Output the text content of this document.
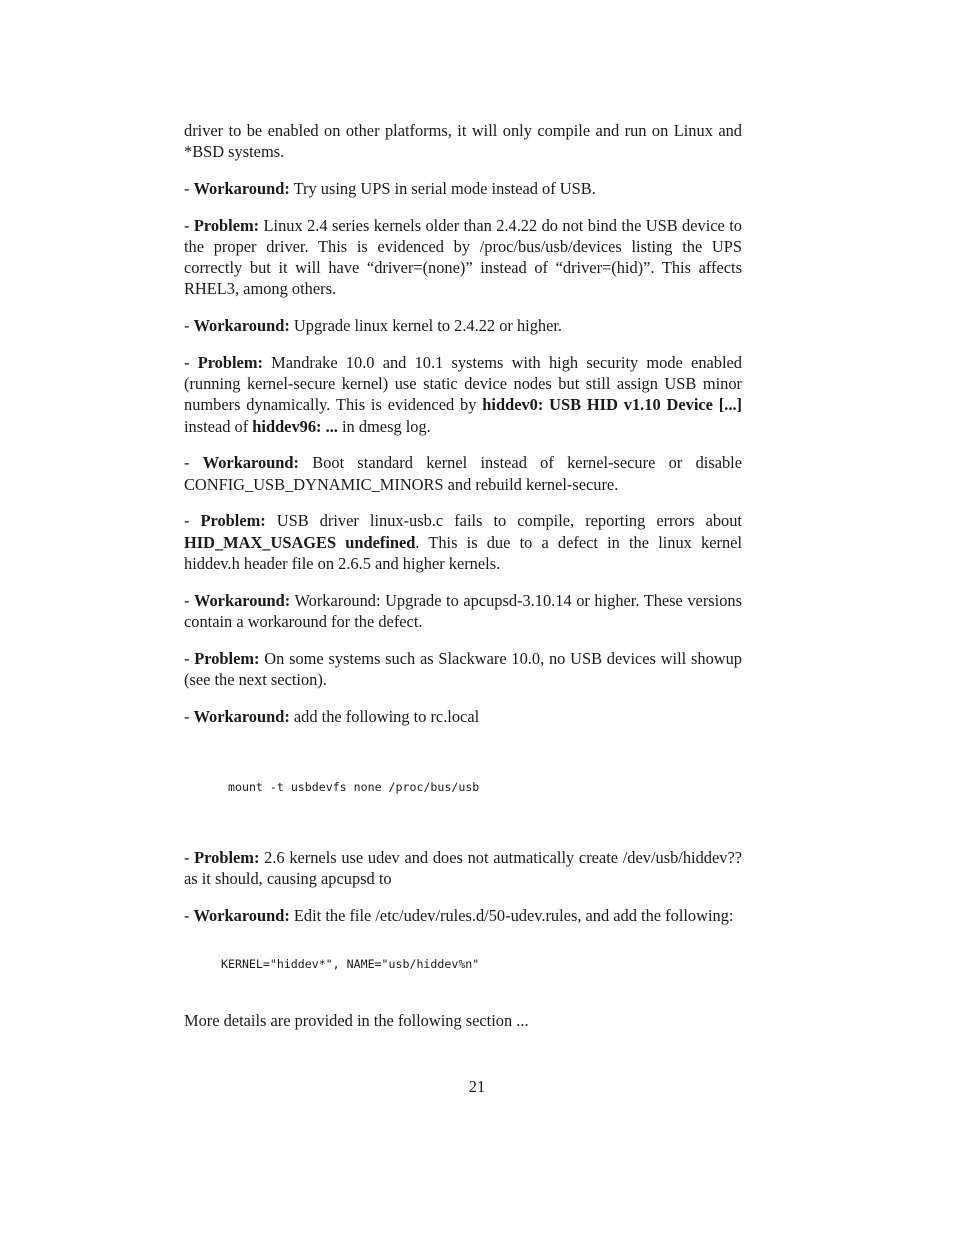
driver to be enabled on other platforms, it will only compile and run on Linux and *BSD systems.

- Workaround: Try using UPS in serial mode instead of USB.

- Problem: Linux 2.4 series kernels older than 2.4.22 do not bind the USB device to the proper driver. This is evidenced by /proc/bus/usb/devices listing the UPS correctly but it will have “driver=(none)” instead of “driver=(hid)”. This affects RHEL3, among others.

- Workaround: Upgrade linux kernel to 2.4.22 or higher.

- Problem: Mandrake 10.0 and 10.1 systems with high security mode enabled (running kernel-secure kernel) use static device nodes but still assign USB minor numbers dynamically. This is evidenced by hiddev0: USB HID v1.10 Device [...] instead of hiddev96: ... in dmesg log.

- Workaround: Boot standard kernel instead of kernel-secure or disable CONFIG_USB_DYNAMIC_MINORS and rebuild kernel-secure.

- Problem: USB driver linux-usb.c fails to compile, reporting errors about HID_MAX_USAGES undefined. This is due to a defect in the linux kernel hiddev.h header file on 2.6.5 and higher kernels.

- Workaround: Workaround: Upgrade to apcupsd-3.10.14 or higher. These versions contain a workaround for the defect.

- Problem: On some systems such as Slackware 10.0, no USB devices will showup (see the next section).

- Workaround: add the following to rc.local

mount -t usbdevfs none /proc/bus/usb

- Problem: 2.6 kernels use udev and does not autmatically create /dev/usb/hiddev?? as it should, causing apcupsd to

- Workaround: Edit the file /etc/udev/rules.d/50-udev.rules, and add the following:

KERNEL="hiddev*", NAME="usb/hiddev%n"

More details are provided in the following section ...

21
